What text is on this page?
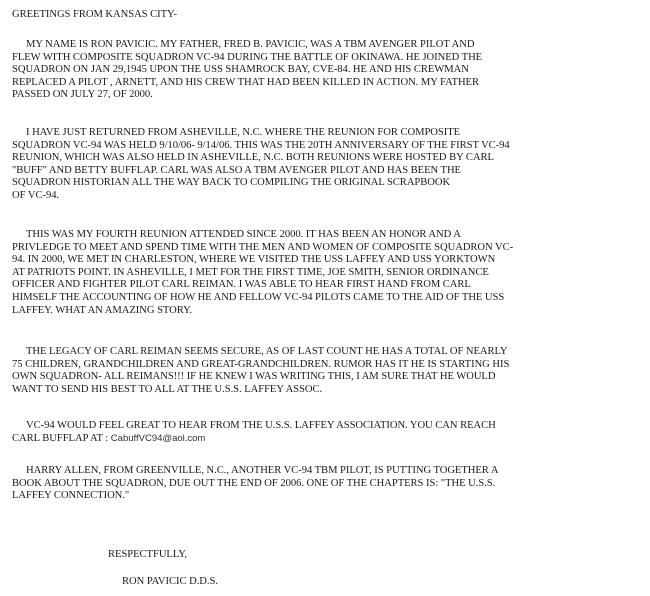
GREETINGS FROM KANSAS CITY-

MY NAME IS RON PAVICIC. MY FATHER, FRED B. PAVICIC, WAS A TBM AVENGER PILOT AND
FLEW WITH COMPOSITE SQUADRON VC-94 DURING THE BATTLE OF OKINAWA. HE JOINED THE
SQUADRON ON JAN 29,1945 UPON THE USS SHAMROCK BAY, CVE-84. HE AND HIS CREWMAN
REPLACED A PILOT , ARNETT, AND HIS CREW THAT HAD BEEN KILLED IN ACTION. MY FATHER
PASSED ON JULY 27, OF 2000.

I HAVE JUST RETURNED FROM ASHEVILLE, N.C. WHERE THE REUNION FOR COMPOSITE
SQUADRON VC-94 WAS HELD 9/10/06- 9/14/06. THIS WAS THE 20TH ANNIVERSARY OF THE FIRST VC-94
REUNION, WHICH WAS ALSO HELD IN ASHEVILLE, N.C. BOTH REUNIONS WERE HOSTED BY CARL
"BUFF" AND BETTY BUFFLAP. CARL WAS ALSO A TBM AVENGER PILOT AND HAS BEEN THE
SQUADRON HISTORIAN ALL THE WAY BACK TO COMPILING THE ORIGINAL SCRAPBOOK
OF VC-94.

THIS WAS MY FOURTH REUNION ATTENDED SINCE 2000. IT HAS BEEN AN HONOR AND A
PRIVLEDGE TO MEET AND SPEND TIME WITH THE MEN AND WOMEN OF COMPOSITE SQUADRON VC-
94. IN 2000, WE MET IN CHARLESTON, WHERE WE VISITED THE USS LAFFEY AND USS YORKTOWN
AT PATRIOTS POINT. IN ASHEVILLE, I MET FOR THE FIRST TIME, JOE SMITH, SENIOR ORDINANCE
OFFICER AND FIGHTER PILOT CARL REIMAN. I WAS ABLE TO HEAR FIRST HAND FROM CARL
HIMSELF THE ACCOUNTING OF HOW HE AND FELLOW VC-94 PILOTS CAME TO THE AID OF THE USS
LAFFEY. WHAT AN AMAZING STORY.

THE LEGACY OF CARL REIMAN SEEMS SECURE, AS OF LAST COUNT HE HAS A TOTAL OF NEARLY
75 CHILDREN, GRANDCHILDREN AND GREAT-GRANDCHILDREN. RUMOR HAS IT HE IS STARTING HIS
OWN SQUADRON- ALL REIMANS!!! IF HE KNEW I WAS WRITING THIS, I AM SURE THAT HE WOULD
WANT TO SEND HIS BEST TO ALL AT THE U.S.S. LAFFEY ASSOC.

VC-94 WOULD FEEL GREAT TO HEAR FROM THE U.S.S. LAFFEY ASSOCIATION. YOU CAN REACH
CARL BUFFLAP AT : CabuffVC94@aol.com

HARRY ALLEN, FROM GREENVILLE, N.C., ANOTHER VC-94 TBM PILOT, IS PUTTING TOGETHER A
BOOK ABOUT THE SQUADRON, DUE OUT THE END OF 2006. ONE OF THE CHAPTERS IS: "THE U.S.S.
LAFFEY CONNECTION."

RESPECTFULLY,
RON PAVICIC D.D.S.
